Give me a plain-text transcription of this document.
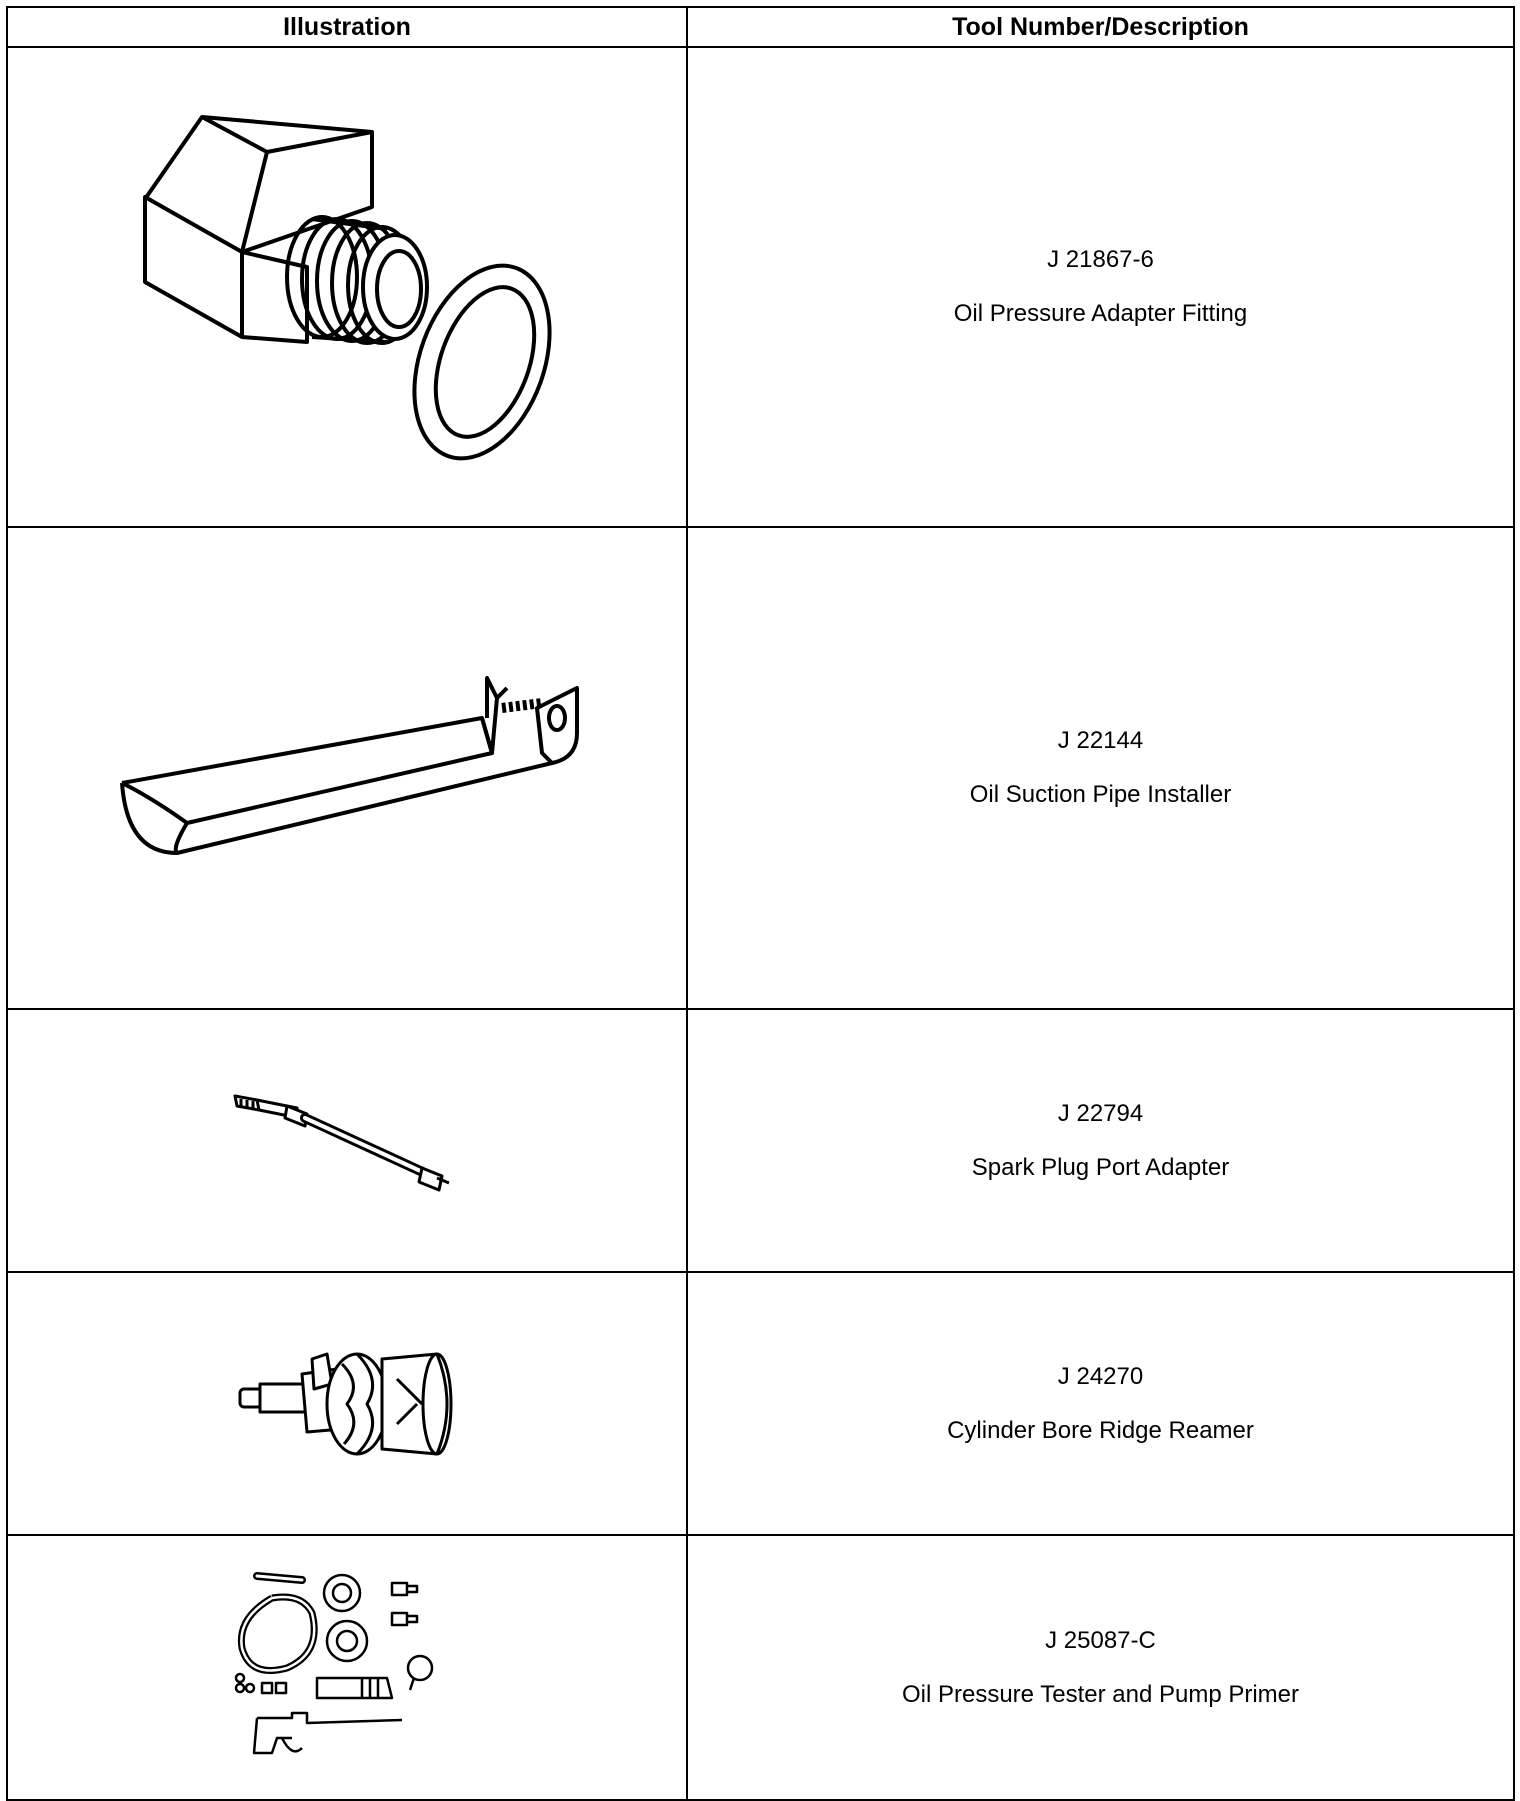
Illustration	Tool Number/Description

J 21867-6
Oil Pressure Adapter Fitting

J 22144
Oil Suction Pipe Installer

J 22794
Spark Plug Port Adapter

J 24270
Cylinder Bore Ridge Reamer

J 25087-C
Oil Pressure Tester and Pump Primer
